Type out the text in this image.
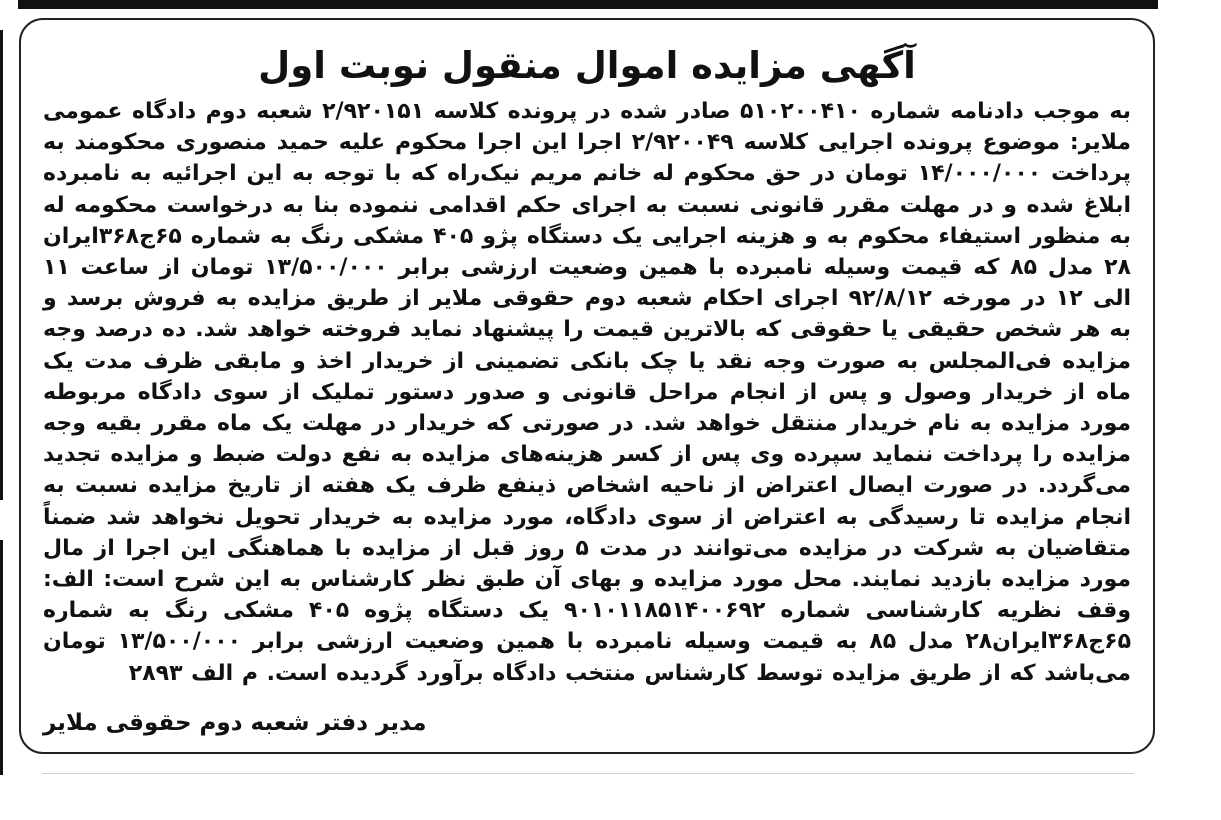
آگهی مزایده اموال منقول نوبت اول

به موجب دادنامه شماره ۵۱۰۲۰۰۴۱۰ صادر شده در پرونده کلاسه ۲/۹۲۰۱۵۱ شعبه دوم دادگاه عمومی ملایر: موضوع پرونده اجرایی کلاسه ۲/۹۲۰۰۴۹ اجرا این اجرا محکوم علیه حمید منصوری محکومند به پرداخت ۱۴/۰۰۰/۰۰۰ تومان در حق محکوم له خانم مریم نیک‌راه که با توجه به این اجرائیه به نامبرده ابلاغ شده و در مهلت مقرر قانونی نسبت به اجرای حکم اقدامی ننموده بنا به درخواست محکومه له به منظور استیفاء محکوم به و هزینه اجرایی یک دستگاه پژو ۴۰۵ مشکی رنگ به شماره ۶۵ج۳۶۸ایران ۲۸ مدل ۸۵ که قیمت وسیله نامبرده با همین وضعیت ارزشی برابر ۱۳/۵۰۰/۰۰۰ تومان از ساعت ۱۱ الی ۱۲ در مورخه ۹۲/۸/۱۲ اجرای احکام شعبه دوم حقوقی ملایر از طریق مزایده به فروش برسد و به هر شخص حقیقی یا حقوقی که بالاترین قیمت را پیشنهاد نماید فروخته خواهد شد. ده درصد وجه مزایده فی‌المجلس به صورت وجه نقد یا چک بانکی تضمینی از خریدار اخذ و مابقی ظرف مدت یک ماه از خریدار وصول و پس از انجام مراحل قانونی و صدور دستور تملیک از سوی دادگاه مربوطه مورد مزایده به نام خریدار منتقل خواهد شد. در صورتی که خریدار در مهلت یک ماه مقرر بقیه وجه مزایده را پرداخت ننماید سپرده وی پس از کسر هزینه‌های مزایده به نفع دولت ضبط و مزایده تجدید می‌گردد. در صورت ایصال اعتراض از ناحیه اشخاص ذینفع ظرف یک هفته از تاریخ مزایده نسبت به انجام مزایده تا رسیدگی به اعتراض از سوی دادگاه، مورد مزایده به خریدار تحویل نخواهد شد ضمناً متقاضیان به شرکت در مزایده می‌توانند در مدت ۵ روز قبل از مزایده با هماهنگی این اجرا از مال مورد مزایده بازدید نمایند. محل مورد مزایده و بهای آن طبق نظر کارشناس به این شرح است: الف: وقف نظریه کارشناسی شماره ۹۰۱۰۱۱۸۵۱۴۰۰۶۹۲ یک دستگاه پژوه ۴۰۵ مشکی رنگ به شماره ۶۵ج۳۶۸ایران۲۸ مدل ۸۵ به قیمت وسیله نامبرده با همین وضعیت ارزشی برابر ۱۳/۵۰۰/۰۰۰ تومان می‌باشد که از طریق مزایده توسط کارشناس منتخب دادگاه برآورد گردیده است. م الف ۲۸۹۳

مدیر دفتر شعبه دوم حقوقی ملایر
